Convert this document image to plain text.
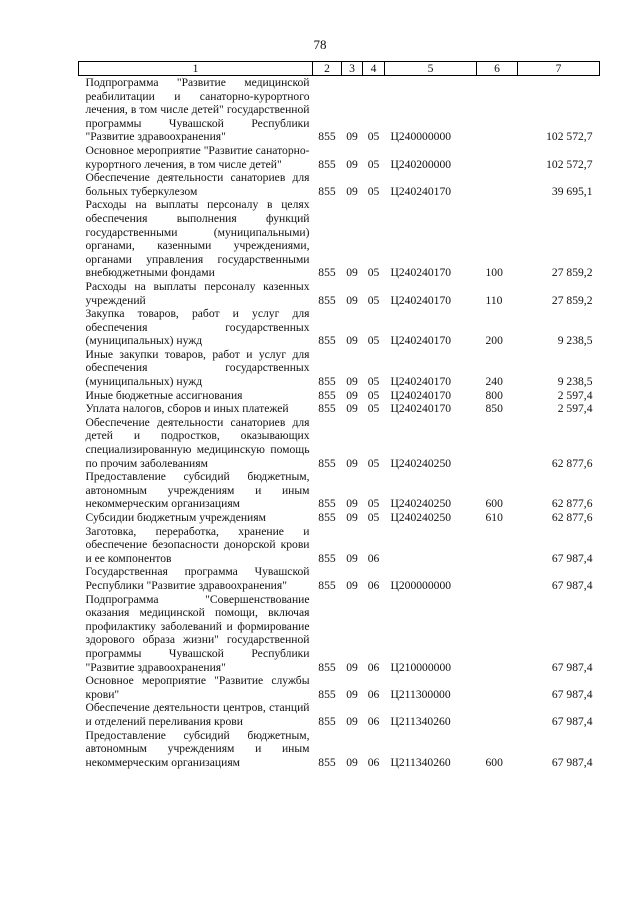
78
1	2	3	4	5	6	7
Подпрограмма "Развитие медицинской реабилитации и санаторно-курортного лечения, в том числе детей" государственной программы Чувашской Республики "Развитие здравоохранения"	855	09	05	Ц240000000		102 572,7
Основное мероприятие "Развитие санаторно-курортного лечения, в том числе детей"	855	09	05	Ц240200000		102 572,7
Обеспечение деятельности санаториев для больных туберкулезом	855	09	05	Ц240240170		39 695,1
Расходы на выплаты персоналу в целях обеспечения выполнения функций государственными (муниципальными) органами, казенными учреждениями, органами управления государственными внебюджетными фондами	855	09	05	Ц240240170	100	27 859,2
Расходы на выплаты персоналу казенных учреждений	855	09	05	Ц240240170	110	27 859,2
Закупка товаров, работ и услуг для обеспечения государственных (муниципальных) нужд	855	09	05	Ц240240170	200	9 238,5
Иные закупки товаров, работ и услуг для обеспечения государственных (муниципальных) нужд	855	09	05	Ц240240170	240	9 238,5
Иные бюджетные ассигнования	855	09	05	Ц240240170	800	2 597,4
Уплата налогов, сборов и иных платежей	855	09	05	Ц240240170	850	2 597,4
Обеспечение деятельности санаториев для детей и подростков, оказывающих специализированную медицинскую помощь по прочим заболеваниям	855	09	05	Ц240240250		62 877,6
Предоставление субсидий бюджетным, автономным учреждениям и иным некоммерческим организациям	855	09	05	Ц240240250	600	62 877,6
Субсидии бюджетным учреждениям	855	09	05	Ц240240250	610	62 877,6
Заготовка, переработка, хранение и обеспечение безопасности донорской крови и ее компонентов	855	09	06			67 987,4
Государственная программа Чувашской Республики "Развитие здравоохранения"	855	09	06	Ц200000000		67 987,4
Подпрограмма "Совершенствование оказания медицинской помощи, включая профилактику заболеваний и формирование здорового образа жизни" государственной программы Чувашской Республики "Развитие здравоохранения"	855	09	06	Ц210000000		67 987,4
Основное мероприятие "Развитие службы крови"	855	09	06	Ц211300000		67 987,4
Обеспечение деятельности центров, станций и отделений переливания крови	855	09	06	Ц211340260		67 987,4
Предоставление субсидий бюджетным, автономным учреждениям и иным некоммерческим организациям	855	09	06	Ц211340260	600	67 987,4
